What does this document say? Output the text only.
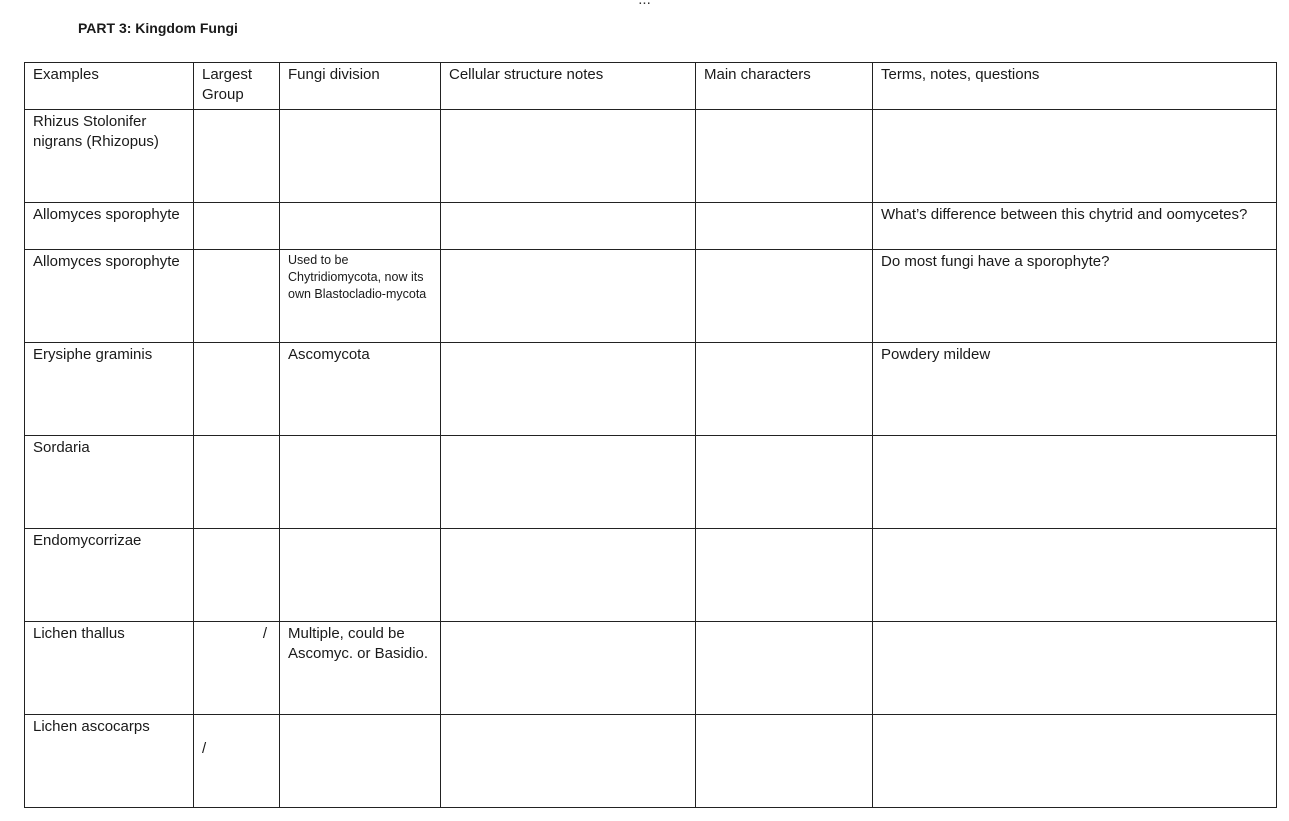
PART 3: Kingdom Fungi
Examples	Largest Group	Fungi division	Cellular structure notes	Main characters	Terms, notes, questions
Rhizus Stolonifer nigrans (Rhizopus)					
Allomyces sporophyte					What’s difference between this chytrid and oomycetes?
Allomyces sporophyte		Used to be Chytridiomycota, now its own Blastocladio-mycota			Do most fungi have a sporophyte?
Erysiphe graminis		Ascomycota			Powdery mildew
Sordaria					
Endomycorrizae					
Lichen thallus	/	Multiple, could be Ascomyc. or Basidio.			
Lichen ascocarps	/				
